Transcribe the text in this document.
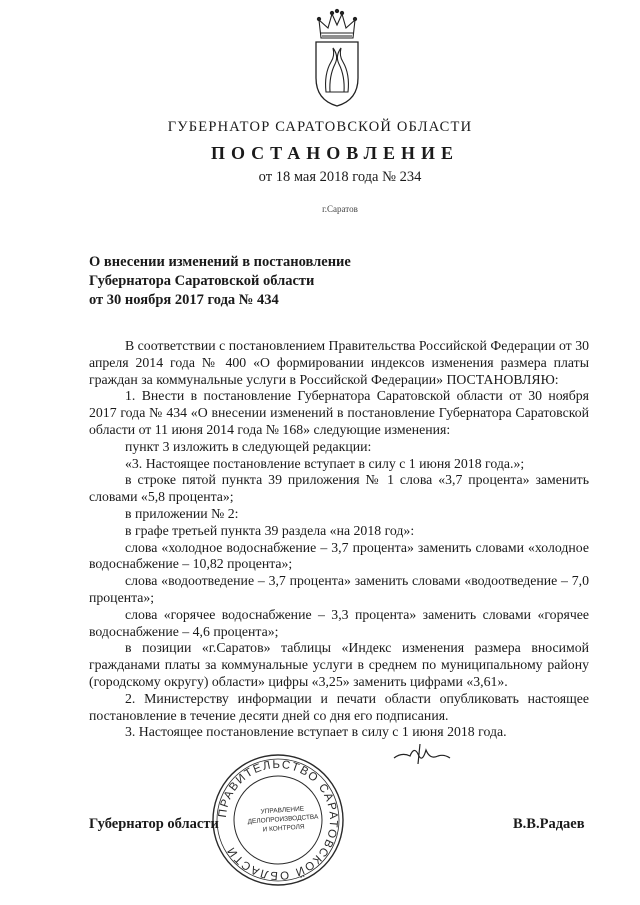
ГУБЕРНАТОР САРАТОВСКОЙ ОБЛАСТИ
ПОСТАНОВЛЕНИЕ
от 18 мая 2018 года № 234
г.Саратов
О внесении изменений в постановление
Губернатора Саратовской области
от 30 ноября 2017 года № 434

В соответствии с постановлением Правительства Российской Федерации от 30 апреля 2014 года № 400 «О формировании индексов изменения размера платы граждан за коммунальные услуги в Российской Федерации» ПОСТАНОВЛЯЮ:

1. Внести в постановление Губернатора Саратовской области от 30 ноября 2017 года № 434 «О внесении изменений в постановление Губернатора Саратовской области от 11 июня 2014 года № 168» следующие изменения:

пункт 3 изложить в следующей редакции:

«3. Настоящее постановление вступает в силу с 1 июня 2018 года.»;

в строке пятой пункта 39 приложения № 1 слова «3,7 процента» заменить словами «5,8 процента»;

в приложении № 2:

в графе третьей пункта 39 раздела «на 2018 год»:

слова «холодное водоснабжение – 3,7 процента» заменить словами «холодное водоснабжение – 10,82 процента»;

слова «водоотведение – 3,7 процента» заменить словами «водоотведение – 7,0 процента»;

слова «горячее водоснабжение – 3,3 процента» заменить словами «горячее водоснабжение – 4,6 процента»;

в позиции «г.Саратов» таблицы «Индекс изменения размера вносимой гражданами платы за коммунальные услуги в среднем по муниципальному району (городскому округу) области» цифры «3,25» заменить цифрами «3,61».

2. Министерству информации и печати области опубликовать настоящее постановление в течение десяти дней со дня его подписания.

3. Настоящее постановление вступает в силу с 1 июня 2018 года.

ПРАВИТЕЛЬСТВО САРАТОВСКОЙ ОБЛАСТИ
УПРАВЛЕНИЕ
ДЕЛОПРОИЗВОДСТВА
И КОНТРОЛЯ
Губернатор области	В.В.Радаев
